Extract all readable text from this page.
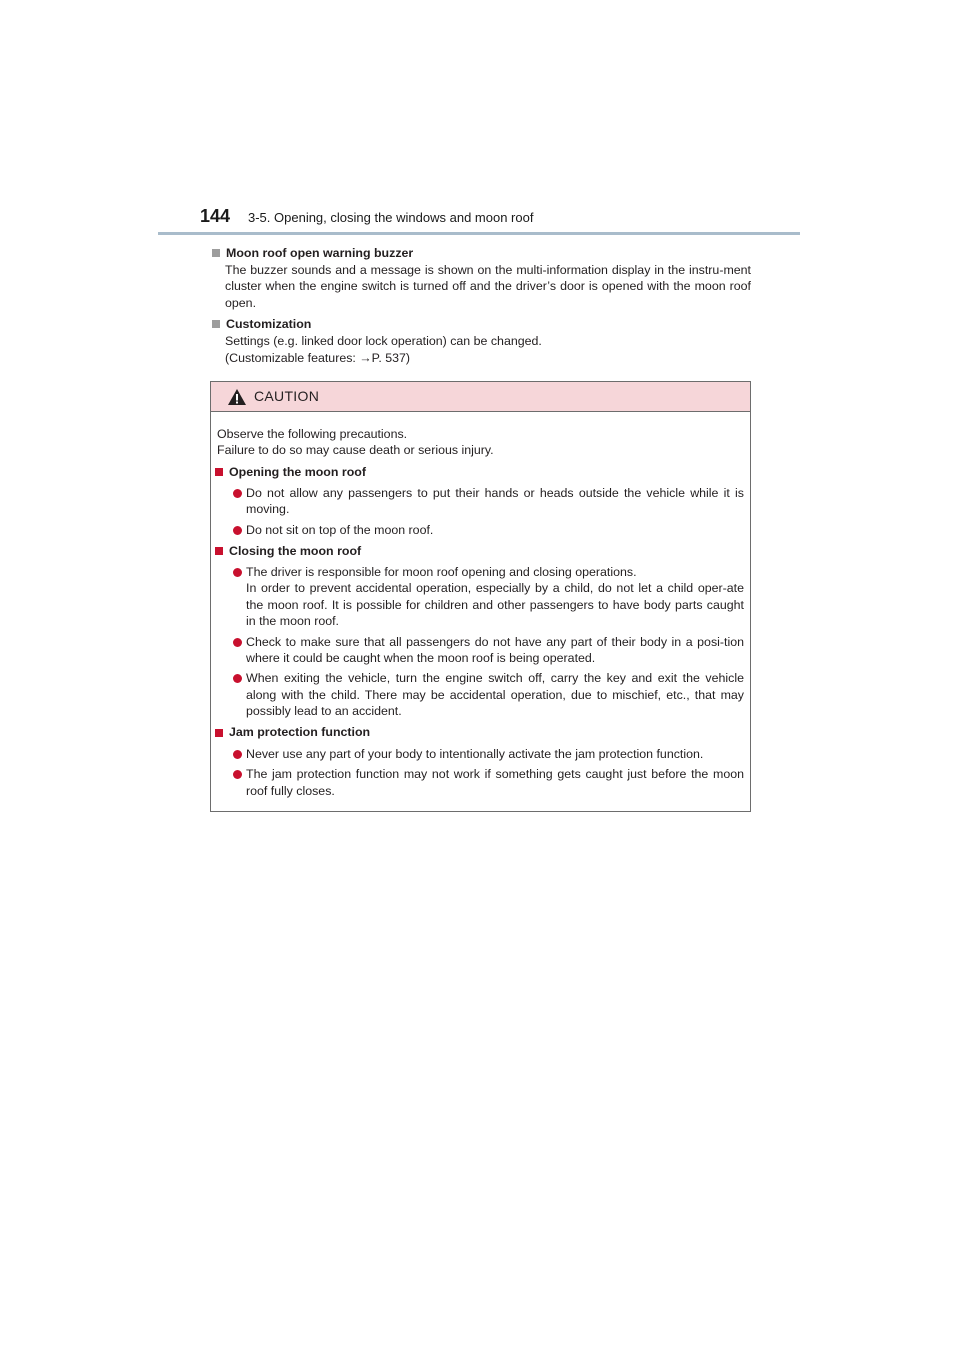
144 3-5. Opening, closing the windows and moon roof
Moon roof open warning buzzer

The buzzer sounds and a message is shown on the multi-information display in the instru-ment cluster when the engine switch is turned off and the driver’s door is opened with the moon roof open.

Customization

Settings (e.g. linked door lock operation) can be changed.

(Customizable features: →P. 537)

CAUTION

Observe the following precautions.

Failure to do so may cause death or serious injury.

Opening the moon roof

Do not allow any passengers to put their hands or heads outside the vehicle while it is moving.

Do not sit on top of the moon roof.

Closing the moon roof

The driver is responsible for moon roof opening and closing operations.

In order to prevent accidental operation, especially by a child, do not let a child oper-ate the moon roof. It is possible for children and other passengers to have body parts caught in the moon roof.

Check to make sure that all passengers do not have any part of their body in a posi-tion where it could be caught when the moon roof is being operated.

When exiting the vehicle, turn the engine switch off, carry the key and exit the vehicle along with the child. There may be accidental operation, due to mischief, etc., that may possibly lead to an accident.

Jam protection function

Never use any part of your body to intentionally activate the jam protection function.

The jam protection function may not work if something gets caught just before the moon roof fully closes.
